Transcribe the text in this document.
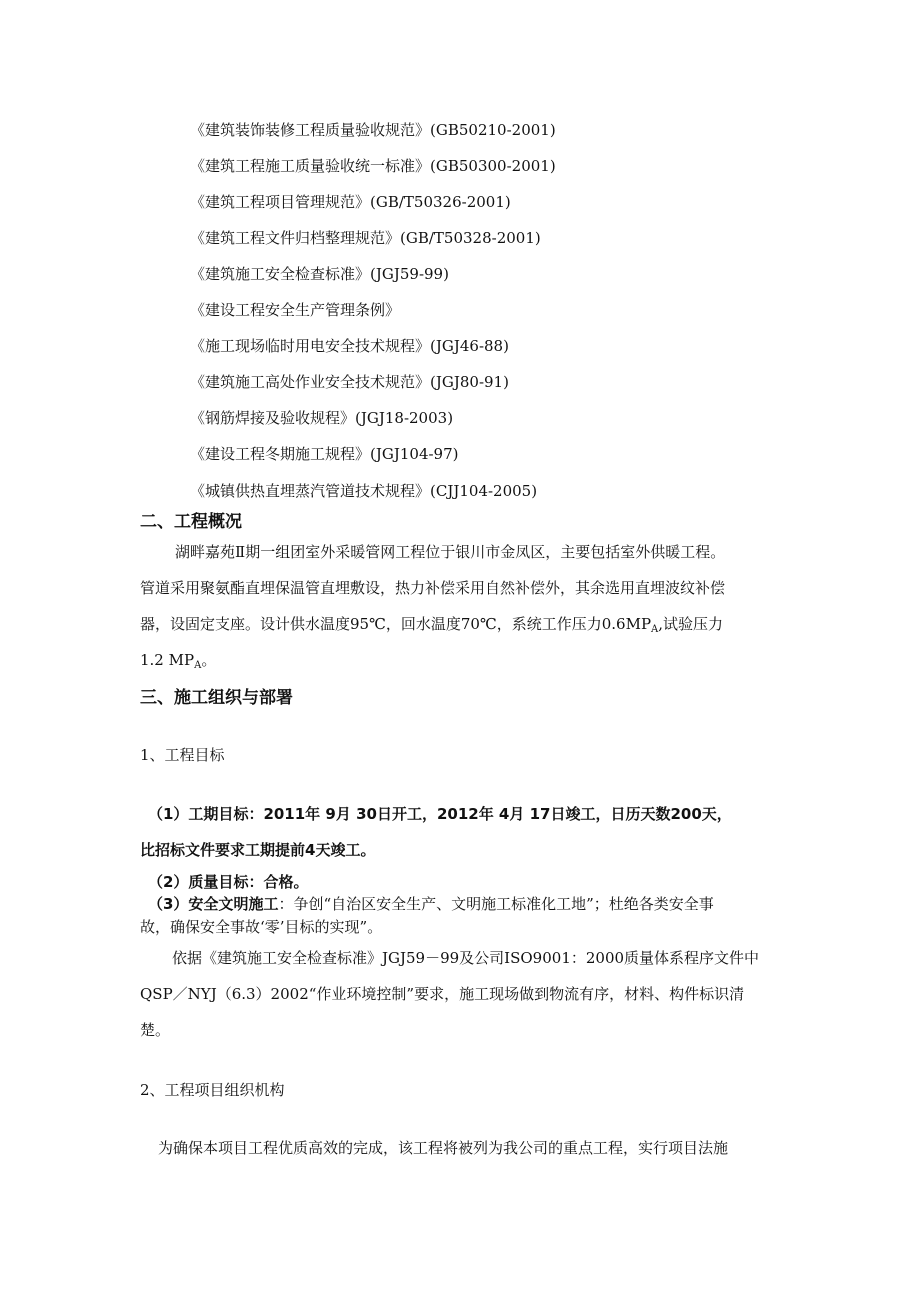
《建筑装饰装修工程质量验收规范》(GB50210-2001)
《建筑工程施工质量验收统一标准》(GB50300-2001)
《建筑工程项目管理规范》(GB/T50326-2001)
《建筑工程文件归档整理规范》(GB/T50328-2001)
《建筑施工安全检查标准》(JGJ59-99)
《建设工程安全生产管理条例》
《施工现场临时用电安全技术规程》(JGJ46-88)
《建筑施工高处作业安全技术规范》(JGJ80-91)
《钢筋焊接及验收规程》(JGJ18-2003)
《建设工程冬期施工规程》(JGJ104-97)
《城镇供热直埋蒸汽管道技术规程》(CJJ104-2005)
二、工程概况
湖畔嘉苑Ⅱ期一组团室外采暖管网工程位于银川市金凤区，主要包括室外供暖工程。
管道采用聚氨酯直埋保温管直埋敷设，热力补偿采用自然补偿外，其余选用直埋波纹补偿
器，设固定支座。设计供水温度95℃，回水温度70℃，系统工作压力$0.6MP_A$,试验压力
1.2 $MP_A$。
三、施工组织与部署
1、工程目标
（1）工期目标：2011年 9月 30日开工，2012年 4月 17日竣工，日历天数200天，
比招标文件要求工期提前4天竣工。
（2）质量目标：合格。
（3）安全文明施工：争创“自治区安全生产、文明施工标准化工地”；杜绝各类安全事
故，确保安全事故‘零’目标的实现”。
依据《建筑施工安全检查标准》JGJ59－99及公司ISO9001：2000质量体系程序文件中
QSP／NYJ（6.3）2002“作业环境控制”要求，施工现场做到物流有序，材料、构件标识清
楚。
2、工程项目组织机构
为确保本项目工程优质高效的完成，该工程将被列为我公司的重点工程，实行项目法施
